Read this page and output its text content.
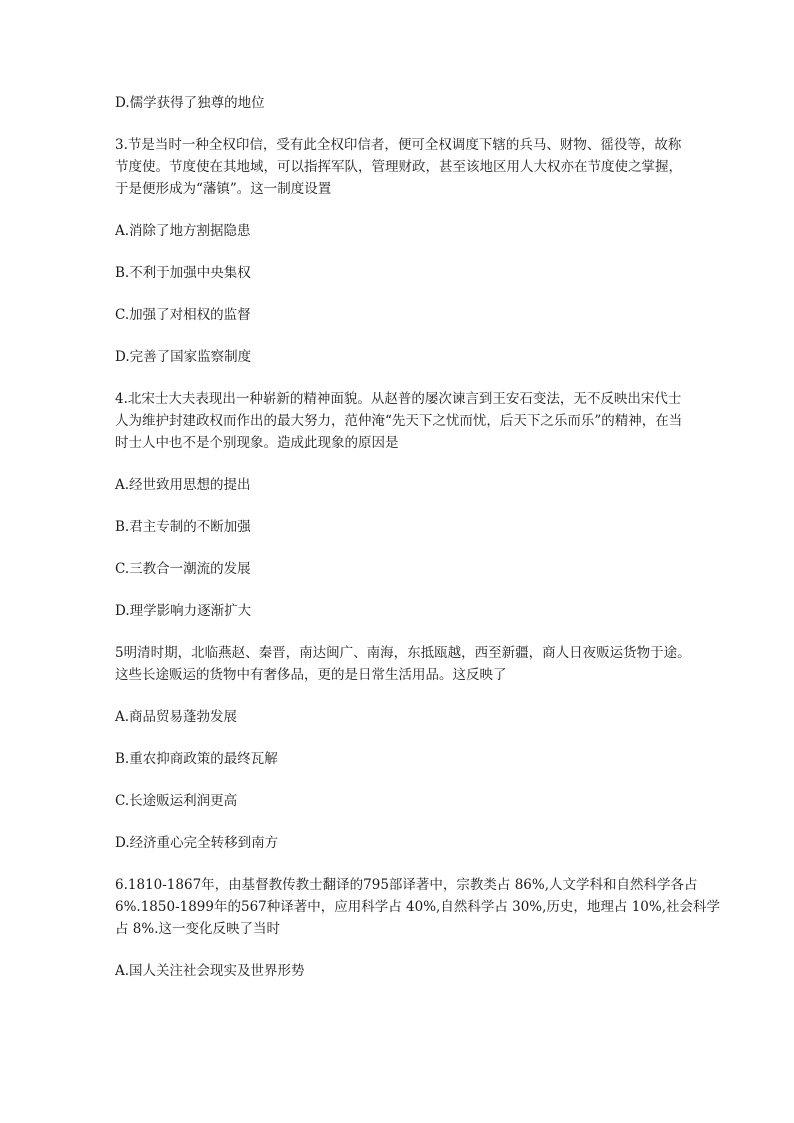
D.儒学获得了独尊的地位

3.节是当时一种全权印信，受有此全权印信者，便可全权调度下辖的兵马、财物、徭役等，故称

节度使。节度使在其地域，可以指挥军队，管理财政，甚至该地区用人大权亦在节度使之掌握，

于是便形成为“藩镇”。这一制度设置

A.消除了地方割据隐患

B.不利于加强中央集权

C.加强了对相权的监督

D.完善了国家监察制度

4.北宋士大夫表现出一种崭新的精神面貌。从赵普的屡次谏言到王安石变法，无不反映出宋代士

人为维护封建政权而作出的最大努力，范仲淹“先天下之忧而忧，后天下之乐而乐”的精神，在当

时士人中也不是个别现象。造成此现象的原因是

A.经世致用思想的提出

B.君主专制的不断加强

C.三教合一潮流的发展

D.理学影响力逐渐扩大

5明清时期，北临燕赵、秦晋，南达闽广、南海，东抵瓯越，西至新疆，商人日夜贩运货物于途。

这些长途贩运的货物中有奢侈品，更的是日常生活用品。这反映了

A.商品贸易蓬勃发展

B.重农抑商政策的最终瓦解

C.长途贩运利润更高

D.经济重心完全转移到南方

6.1810-1867年，由基督教传教士翻译的795部译著中，宗教类占 86%,人文学科和自然科学各占

6%.1850-1899年的567种译著中，应用科学占 40%,自然科学占 30%,历史，地理占 10%,社会科学

占 8%.这一变化反映了当时

A.国人关注社会现实及世界形势
